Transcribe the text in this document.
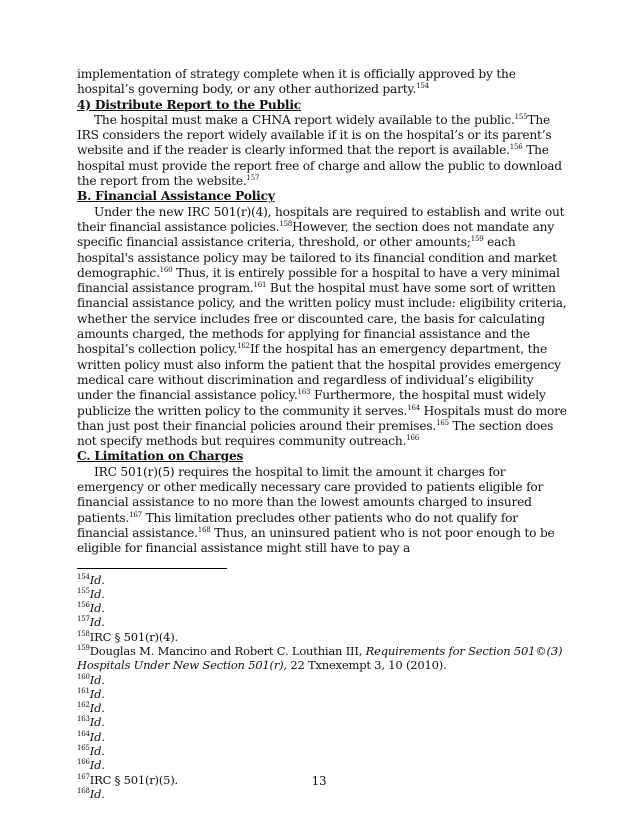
implementation of strategy complete when it is officially approved by the hospital’s governing body, or any other authorized party.$^{154}$

4) Distribute Report to the Public

The hospital must make a CHNA report widely available to the public.$^{155}$The IRS considers the report widely available if it is on the hospital’s or its parent’s website and if the reader is clearly informed that the report is available.$^{156}$ The hospital must provide the report free of charge and allow the public to download the report from the website.$^{157}$

B. Financial Assistance Policy

Under the new IRC 501(r)(4), hospitals are required to establish and write out their financial assistance policies.$^{158}$However, the section does not mandate any specific financial assistance criteria, threshold, or other amounts;$^{159}$ each hospital's assistance policy may be tailored to its financial condition and market demographic.$^{160}$ Thus, it is entirely possible for a hospital to have a very minimal financial assistance program.$^{161}$ But the hospital must have some sort of written financial assistance policy, and the written policy must include: eligibility criteria, whether the service includes free or discounted care, the basis for calculating amounts charged, the methods for applying for financial assistance and the hospital’s collection policy.$^{162}$If the hospital has an emergency department, the written policy must also inform the patient that the hospital provides emergency medical care without discrimination and regardless of individual’s eligibility under the financial assistance policy.$^{163}$ Furthermore, the hospital must widely publicize the written policy to the community it serves.$^{164}$ Hospitals must do more than just post their financial policies around their premises.$^{165}$ The section does not specify methods but requires community outreach.$^{166}$

C. Limitation on Charges

IRC 501(r)(5) requires the hospital to limit the amount it charges for emergency or other medically necessary care provided to patients eligible for financial assistance to no more than the lowest amounts charged to insured patients.$^{167}$ This limitation precludes other patients who do not qualify for financial assistance.$^{168}$ Thus, an uninsured patient who is not poor enough to be eligible for financial assistance might still have to pay a

$^{154}$Id.

$^{155}$Id.

$^{156}$Id.

$^{157}$Id.

$^{158}$IRC § 501(r)(4).

$^{159}$Douglas M. Mancino and Robert C. Louthian III, Requirements for Section 501©(3) Hospitals Under New Section 501(r), 22 Txnexempt 3, 10 (2010).

$^{160}$Id.

$^{161}$Id.

$^{162}$Id.

$^{163}$Id.

$^{164}$Id.

$^{165}$Id.

$^{166}$Id.

$^{167}$IRC § 501(r)(5).

$^{168}$Id.

13
